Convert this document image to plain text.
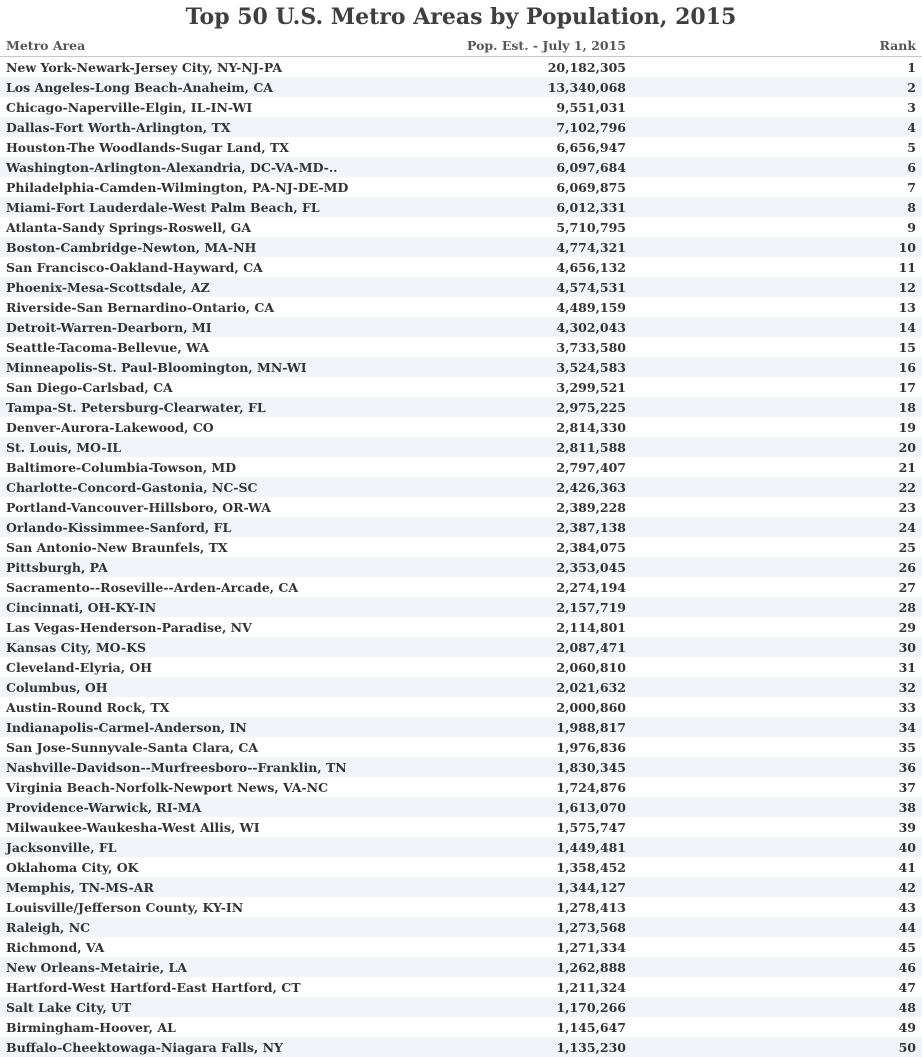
Top 50 U.S. Metro Areas by Population, 2015
Metro Area	Pop. Est. - July 1, 2015	Rank
New York-Newark-Jersey City, NY-NJ-PA	20,182,305	1
Los Angeles-Long Beach-Anaheim, CA	13,340,068	2
Chicago-Naperville-Elgin, IL-IN-WI	9,551,031	3
Dallas-Fort Worth-Arlington, TX	7,102,796	4
Houston-The Woodlands-Sugar Land, TX	6,656,947	5
Washington-Arlington-Alexandria, DC-VA-MD-..	6,097,684	6
Philadelphia-Camden-Wilmington, PA-NJ-DE-MD	6,069,875	7
Miami-Fort Lauderdale-West Palm Beach, FL	6,012,331	8
Atlanta-Sandy Springs-Roswell, GA	5,710,795	9
Boston-Cambridge-Newton, MA-NH	4,774,321	10
San Francisco-Oakland-Hayward, CA	4,656,132	11
Phoenix-Mesa-Scottsdale, AZ	4,574,531	12
Riverside-San Bernardino-Ontario, CA	4,489,159	13
Detroit-Warren-Dearborn, MI	4,302,043	14
Seattle-Tacoma-Bellevue, WA	3,733,580	15
Minneapolis-St. Paul-Bloomington, MN-WI	3,524,583	16
San Diego-Carlsbad, CA	3,299,521	17
Tampa-St. Petersburg-Clearwater, FL	2,975,225	18
Denver-Aurora-Lakewood, CO	2,814,330	19
St. Louis, MO-IL	2,811,588	20
Baltimore-Columbia-Towson, MD	2,797,407	21
Charlotte-Concord-Gastonia, NC-SC	2,426,363	22
Portland-Vancouver-Hillsboro, OR-WA	2,389,228	23
Orlando-Kissimmee-Sanford, FL	2,387,138	24
San Antonio-New Braunfels, TX	2,384,075	25
Pittsburgh, PA	2,353,045	26
Sacramento--Roseville--Arden-Arcade, CA	2,274,194	27
Cincinnati, OH-KY-IN	2,157,719	28
Las Vegas-Henderson-Paradise, NV	2,114,801	29
Kansas City, MO-KS	2,087,471	30
Cleveland-Elyria, OH	2,060,810	31
Columbus, OH	2,021,632	32
Austin-Round Rock, TX	2,000,860	33
Indianapolis-Carmel-Anderson, IN	1,988,817	34
San Jose-Sunnyvale-Santa Clara, CA	1,976,836	35
Nashville-Davidson--Murfreesboro--Franklin, TN	1,830,345	36
Virginia Beach-Norfolk-Newport News, VA-NC	1,724,876	37
Providence-Warwick, RI-MA	1,613,070	38
Milwaukee-Waukesha-West Allis, WI	1,575,747	39
Jacksonville, FL	1,449,481	40
Oklahoma City, OK	1,358,452	41
Memphis, TN-MS-AR	1,344,127	42
Louisville/Jefferson County, KY-IN	1,278,413	43
Raleigh, NC	1,273,568	44
Richmond, VA	1,271,334	45
New Orleans-Metairie, LA	1,262,888	46
Hartford-West Hartford-East Hartford, CT	1,211,324	47
Salt Lake City, UT	1,170,266	48
Birmingham-Hoover, AL	1,145,647	49
Buffalo-Cheektowaga-Niagara Falls, NY	1,135,230	50
